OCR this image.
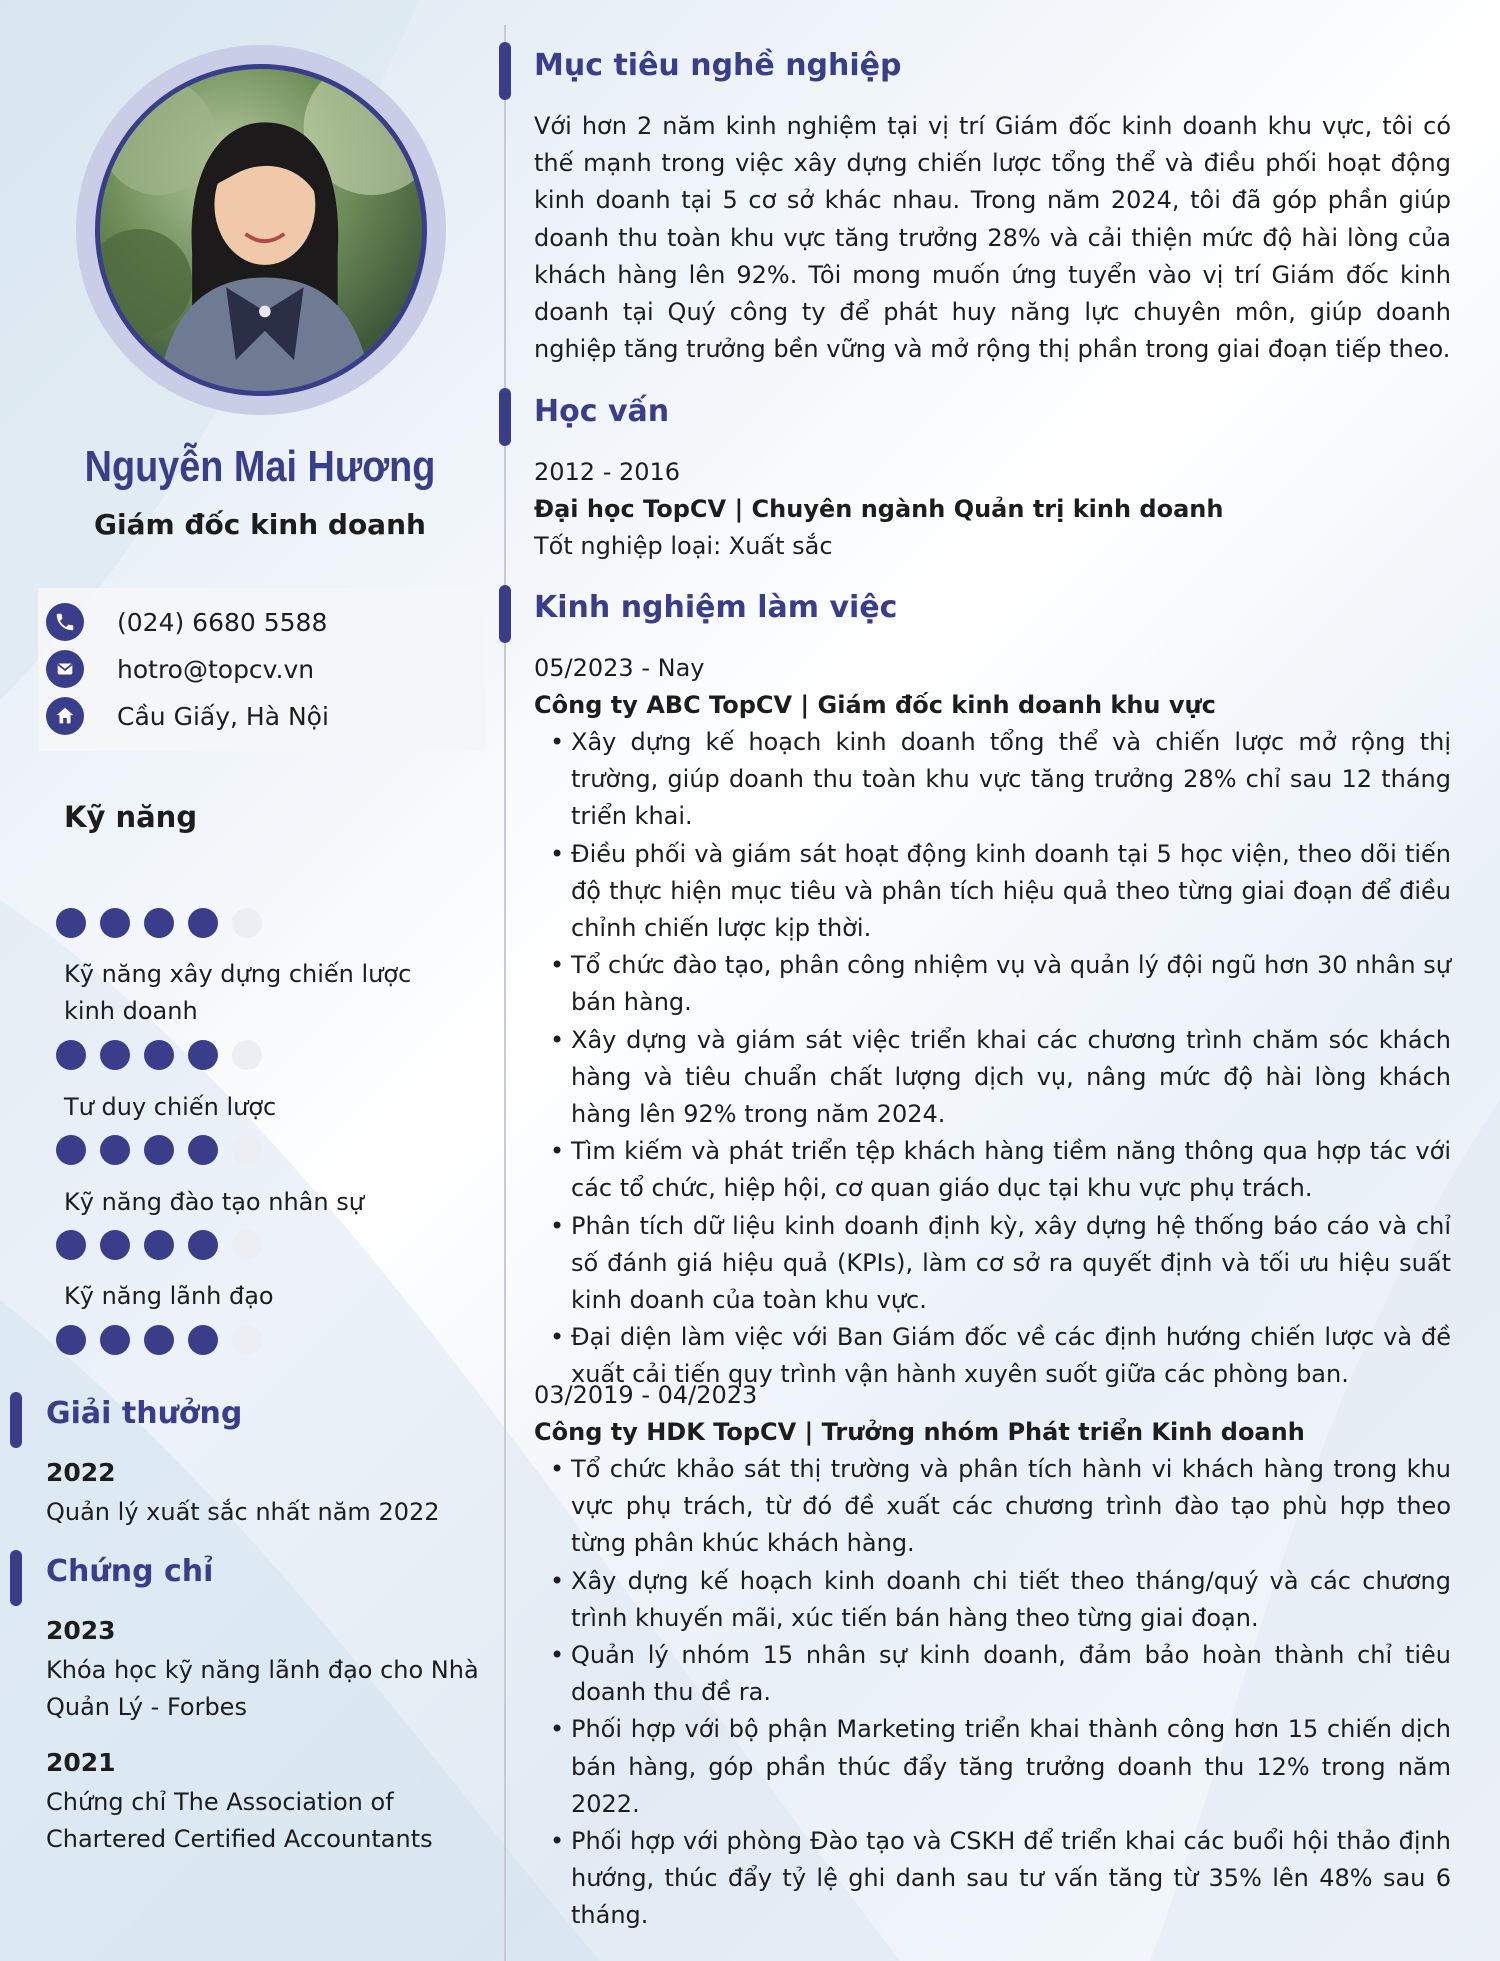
Nguyễn Mai Hương
Giám đốc kinh doanh
(024) 6680 5588
hotro@topcv.vn
Cầu Giấy, Hà Nội
Kỹ năng
Kỹ năng xây dựng chiến lược kinh doanh
Tư duy chiến lược
Kỹ năng đào tạo nhân sự
Kỹ năng lãnh đạo
Giải thưởng
2022
Quản lý xuất sắc nhất năm 2022
Chứng chỉ
2023
Khóa học kỹ năng lãnh đạo cho Nhà Quản Lý - Forbes
2021
Chứng chỉ The Association of Chartered Certified Accountants
Mục tiêu nghề nghiệp
Với hơn 2 năm kinh nghiệm tại vị trí Giám đốc kinh doanh khu vực, tôi có thế mạnh trong việc xây dựng chiến lược tổng thể và điều phối hoạt động kinh doanh tại 5 cơ sở khác nhau. Trong năm 2024, tôi đã góp phần giúp doanh thu toàn khu vực tăng trưởng 28% và cải thiện mức độ hài lòng của khách hàng lên 92%. Tôi mong muốn ứng tuyển vào vị trí Giám đốc kinh doanh tại Quý công ty để phát huy năng lực chuyên môn, giúp doanh nghiệp tăng trưởng bền vững và mở rộng thị phần trong giai đoạn tiếp theo.
Học vấn
2012 - 2016
Đại học TopCV | Chuyên ngành Quản trị kinh doanh
Tốt nghiệp loại: Xuất sắc
Kinh nghiệm làm việc
05/2023 - Nay
Công ty ABC TopCV | Giám đốc kinh doanh khu vực
• Xây dựng kế hoạch kinh doanh tổng thể và chiến lược mở rộng thị trường, giúp doanh thu toàn khu vực tăng trưởng 28% chỉ sau 12 tháng triển khai.
• Điều phối và giám sát hoạt động kinh doanh tại 5 học viện, theo dõi tiến độ thực hiện mục tiêu và phân tích hiệu quả theo từng giai đoạn để điều chỉnh chiến lược kịp thời.
• Tổ chức đào tạo, phân công nhiệm vụ và quản lý đội ngũ hơn 30 nhân sự bán hàng.
• Xây dựng và giám sát việc triển khai các chương trình chăm sóc khách hàng và tiêu chuẩn chất lượng dịch vụ, nâng mức độ hài lòng khách hàng lên 92% trong năm 2024.
• Tìm kiếm và phát triển tệp khách hàng tiềm năng thông qua hợp tác với các tổ chức, hiệp hội, cơ quan giáo dục tại khu vực phụ trách.
• Phân tích dữ liệu kinh doanh định kỳ, xây dựng hệ thống báo cáo và chỉ số đánh giá hiệu quả (KPIs), làm cơ sở ra quyết định và tối ưu hiệu suất kinh doanh của toàn khu vực.
• Đại diện làm việc với Ban Giám đốc về các định hướng chiến lược và đề xuất cải tiến quy trình vận hành xuyên suốt giữa các phòng ban.
03/2019 - 04/2023
Công ty HDK TopCV | Trưởng nhóm Phát triển Kinh doanh
• Tổ chức khảo sát thị trường và phân tích hành vi khách hàng trong khu vực phụ trách, từ đó đề xuất các chương trình đào tạo phù hợp theo từng phân khúc khách hàng.
• Xây dựng kế hoạch kinh doanh chi tiết theo tháng/quý và các chương trình khuyến mãi, xúc tiến bán hàng theo từng giai đoạn.
• Quản lý nhóm 15 nhân sự kinh doanh, đảm bảo hoàn thành chỉ tiêu doanh thu đề ra.
• Phối hợp với bộ phận Marketing triển khai thành công hơn 15 chiến dịch bán hàng, góp phần thúc đẩy tăng trưởng doanh thu 12% trong năm 2022.
• Phối hợp với phòng Đào tạo và CSKH để triển khai các buổi hội thảo định hướng, thúc đẩy tỷ lệ ghi danh sau tư vấn tăng từ 35% lên 48% sau 6 tháng.
